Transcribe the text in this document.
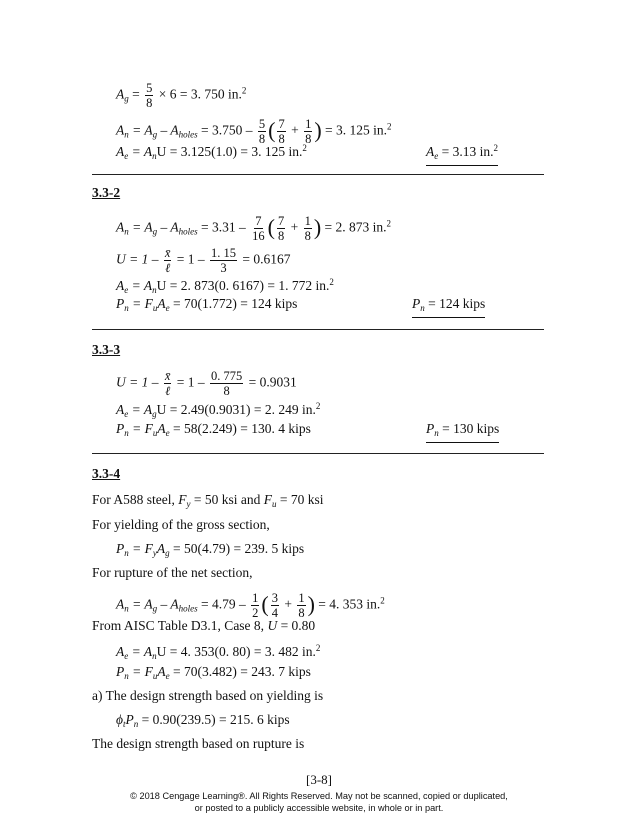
$A_g = \frac{5}{8} \times 6 = 3$. 750 in.$^2$
$A_n = A_g - A_{holes} = 3.750 - \frac{5}{8}$ ( $\frac{7}{8} + \frac{1}{8}$ ) = 3. 125 in.$^2$
$A_e = A_nU = 3.125(1.0) = 3$. 125 in.$^2$	$A_e = 3.13$ in.$^2$
3.3-2
$A_n = A_g - A_{holes} = 3.31 - \frac{7}{16}$ ( $\frac{7}{8} + \frac{1}{8}$ ) = 2. 873 in.$^2$
$U = 1 - \frac{x̄}{\text{ℓ}} = 1 - \frac{1. 15}{3} = 0.6167$
$A_e = A_nU = 2$. 873(0. 6167) = 1. 772 in.$^2$
$P_n = F_uA_e = 70(1.772) = 124$ kips	$P_n = 124$ kips
3.3-3
$U = 1 - \frac{x̄}{\text{ℓ}} = 1 - \frac{0. 775}{8} = 0.9031$
$A_e = A_gU = 2.49(0.9031) = 2$. 249 in.$^2$
$P_n = F_uA_e = 58(2.249) = 130$. 4 kips	$P_n = 130$ kips
3.3-4
For A588 steel, $F_y = 50$ ksi and $F_u = 70$ ksi
For yielding of the gross section,
$P_n = F_yA_g = 50(4.79) = 239$. 5 kips
For rupture of the net section,
$A_n = A_g - A_{holes} = 4.79 - \frac{1}{2}$ ( $\frac{3}{4} + \frac{1}{8}$ ) = 4. 353 in.$^2$
From AISC Table D3.1, Case 8, U = 0.80
$A_e = A_nU = 4$. 353(0. 80) = 3. 482 in.$^2$
$P_n = F_uA_e = 70(3.482) = 243$. 7 kips
a) The design strength based on yielding is
$\phi_tP_n = 0.90(239.5) = 215$. 6 kips
The design strength based on rupture is
[3-8]
© 2018 Cengage Learning®. All Rights Reserved. May not be scanned, copied or duplicated,
or posted to a publicly accessible website, in whole or in part.
